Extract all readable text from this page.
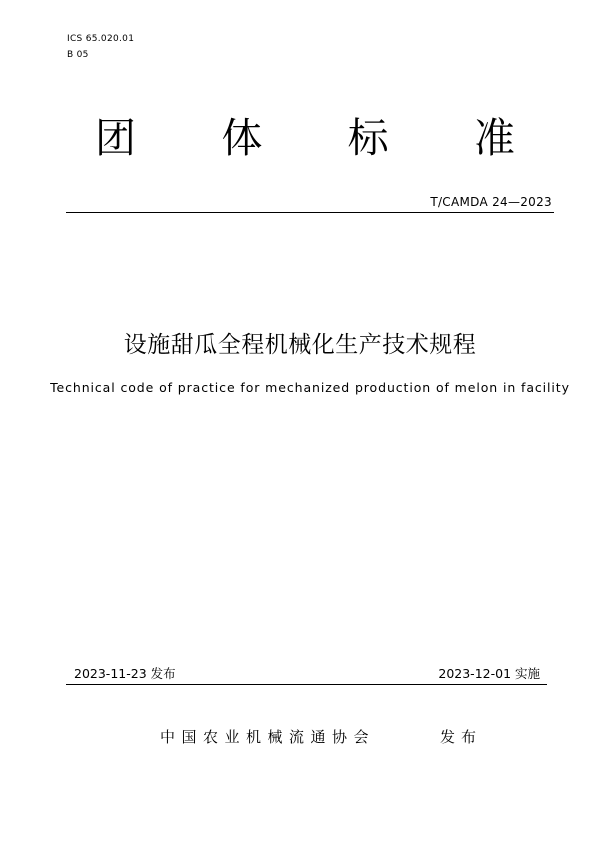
ICS 65.020.01
B 05
团 体 标 准
T/CAMDA 24—2023
设施甜瓜全程机械化生产技术规程
Technical code of practice for mechanized production of melon in facility
2023-11-23 发布	2023-12-01 实施
中国农业机械流通协会	发布
